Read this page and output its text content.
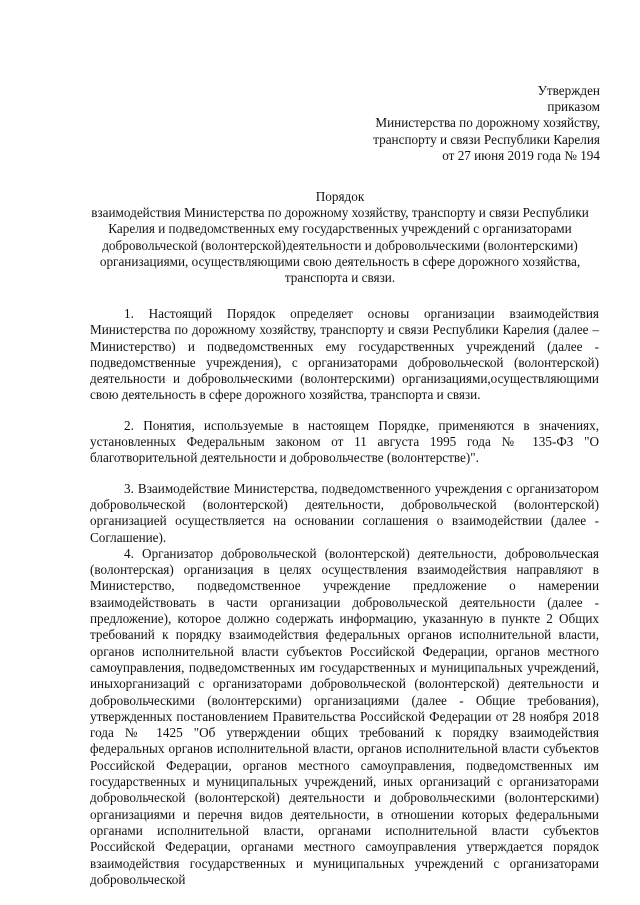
Утвержден
приказом
Министерства по дорожному хозяйству,
транспорту и связи Республики Карелия
от 27 июня 2019 года № 194
Порядок
взаимодействия Министерства по дорожному хозяйству, транспорту и связи Республики
Карелия и подведомственных ему государственных учреждений с организаторами
добровольческой (волонтерской)деятельности и добровольческими (волонтерскими)
организациями, осуществляющими свою деятельность в сфере дорожного хозяйства,
транспорта и связи.

1. Настоящий Порядок определяет основы организации взаимодействия Министерства по дорожному хозяйству, транспорту и связи Республики Карелия (далее – Министерство) и подведомственных ему государственных учреждений (далее - подведомственные учреждения), с организаторами добровольческой (волонтерской) деятельности и добровольческими (волонтерскими) организациями,осуществляющими свою деятельность в сфере дорожного хозяйства, транспорта и связи.

2. Понятия, используемые в настоящем Порядке, применяются в значениях, установленных Федеральным законом от 11 августа 1995 года № 135-ФЗ "О благотворительной деятельности и добровольчестве (волонтерстве)".

3. Взаимодействие Министерства, подведомственного учреждения с организатором добровольческой (волонтерской) деятельности, добровольческой (волонтерской) организацией осуществляется на основании соглашения о взаимодействии (далее - Соглашение).

4. Организатор добровольческой (волонтерской) деятельности, добровольческая (волонтерская) организация в целях осуществления взаимодействия направляют в Министерство, подведомственное учреждение предложение о намерении взаимодействовать в части организации добровольческой деятельности (далее - предложение), которое должно содержать информацию, указанную в пункте 2 Общих требований к порядку взаимодействия федеральных органов исполнительной власти, органов исполнительной власти субъектов Российской Федерации, органов местного самоуправления, подведомственных им государственных и муниципальных учреждений, иныхорганизаций с организаторами добровольческой (волонтерской) деятельности и добровольческими (волонтерскими) организациями (далее - Общие требования), утвержденных постановлением Правительства Российской Федерации от 28 ноября 2018 года № 1425 "Об утверждении общих требований к порядку взаимодействия федеральных органов исполнительной власти, органов исполнительной власти субъектов Российской Федерации, органов местного самоуправления, подведомственных им государственных и муниципальных учреждений, иных организаций с организаторами добровольческой (волонтерской) деятельности и добровольческими (волонтерскими) организациями и перечня видов деятельности, в отношении которых федеральными органами исполнительной власти, органами исполнительной власти субъектов Российской Федерации, органами местного самоуправления утверждается порядок взаимодействия государственных и муниципальных учреждений с организаторами добровольческой
